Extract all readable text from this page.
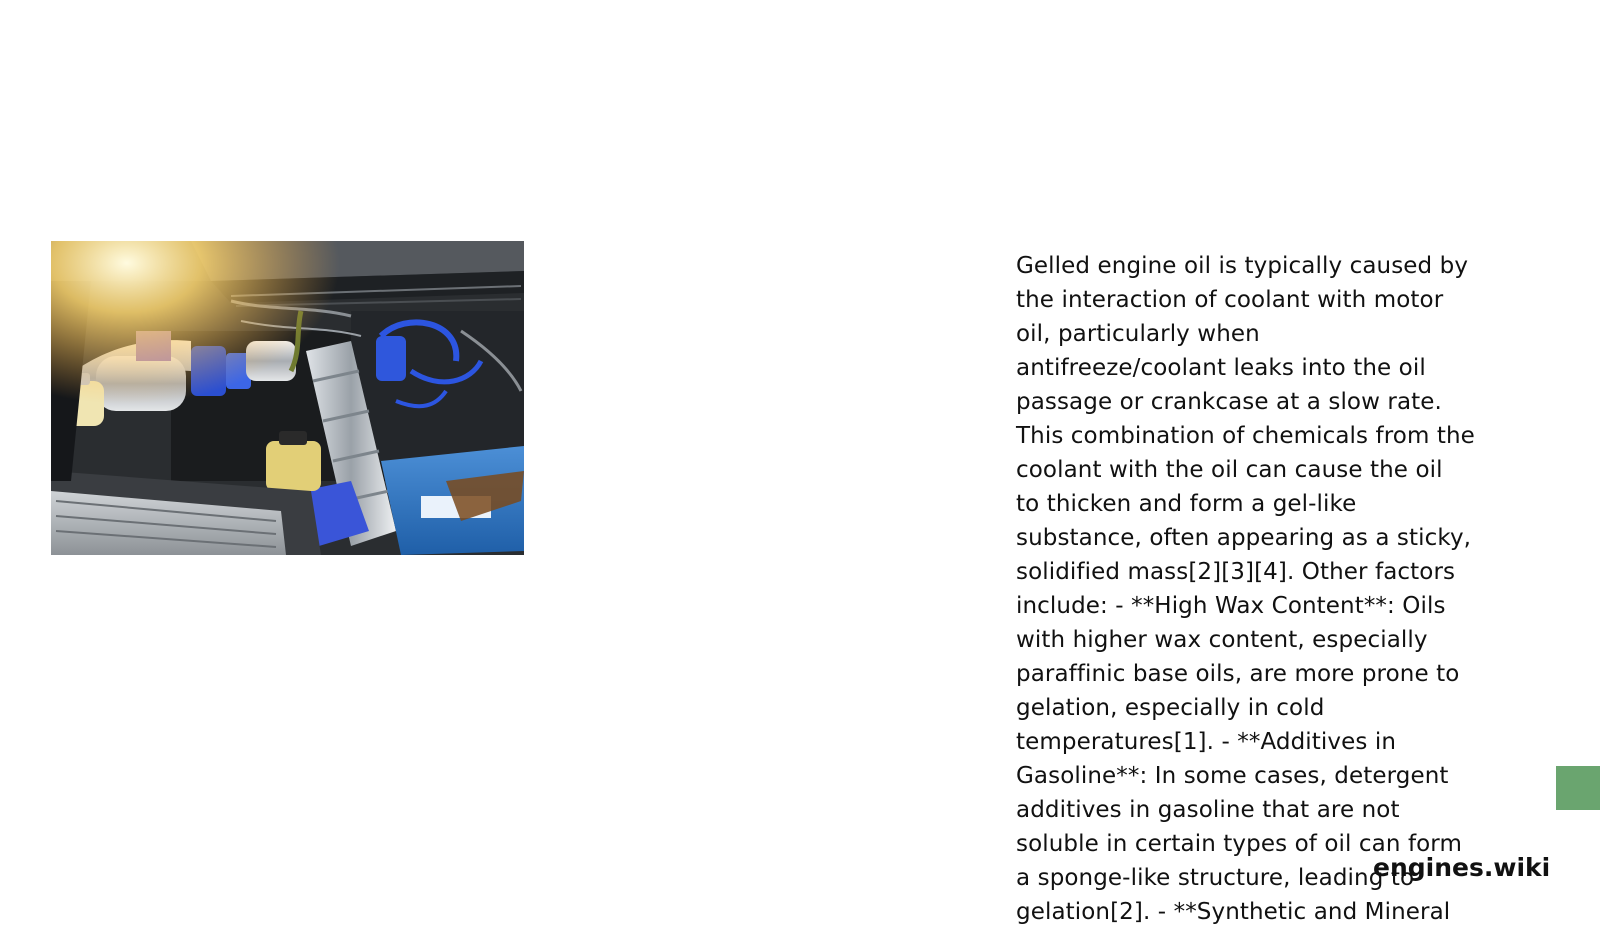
Gelled engine oil is typically caused by
the interaction of coolant with motor
oil, particularly when
antifreeze/coolant leaks into the oil
passage or crankcase at a slow rate.
This combination of chemicals from the
coolant with the oil can cause the oil
to thicken and form a gel-like
substance, often appearing as a sticky,
solidified mass[2][3][4]. Other factors
include: - **High Wax Content**: Oils
with higher wax content, especially
paraffinic base oils, are more prone to
gelation, especially in cold
temperatures[1]. - **Additives in
Gasoline**: In some cases, detergent
additives in gasoline that are not
soluble in certain types of oil can form
a sponge-like structure, leading to
gelation[2]. - **Synthetic and Mineral
engines.wiki
